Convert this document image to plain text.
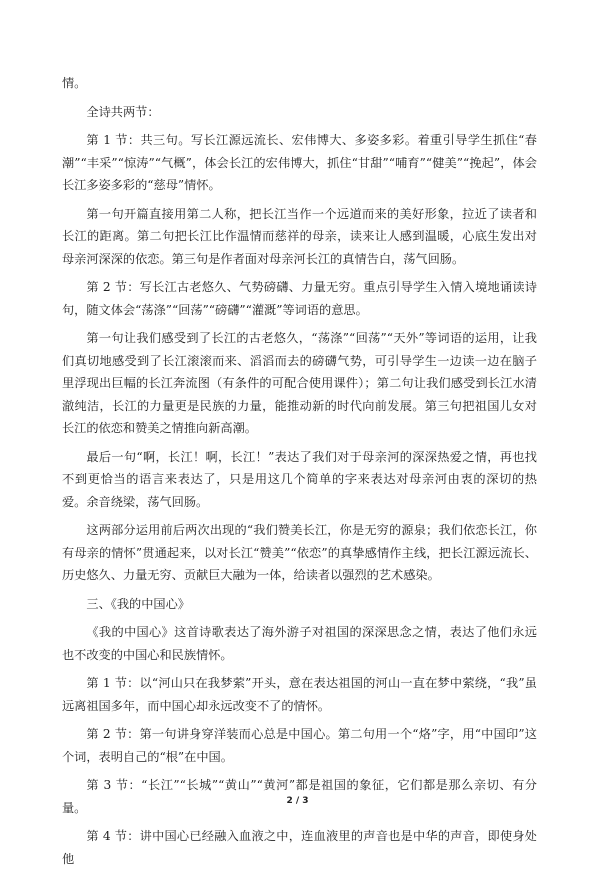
情。

全诗共两节：

第 1 节：共三句。写长江源远流长、宏伟博大、多姿多彩。着重引导学生抓住“春潮”“丰采”“惊涛”“气概”，体会长江的宏伟博大，抓住“甘甜”“哺育”“健美”“挽起”，体会长江多姿多彩的“慈母”情怀。

第一句开篇直接用第二人称，把长江当作一个远道而来的美好形象，拉近了读者和长江的距离。第二句把长江比作温情而慈祥的母亲，读来让人感到温暖，心底生发出对母亲河深深的依恋。第三句是作者面对母亲河长江的真情告白，荡气回肠。

第 2 节：写长江古老悠久、气势磅礴、力量无穷。重点引导学生入情入境地诵读诗句，随文体会“荡涤”“回荡”“磅礴”“灌溉”等词语的意思。

第一句让我们感受到了长江的古老悠久，“荡涤”“回荡”“天外”等词语的运用，让我们真切地感受到了长江滚滚而来、滔滔而去的磅礴气势，可引导学生一边读一边在脑子里浮现出巨幅的长江奔流图（有条件的可配合使用课件）；第二句让我们感受到长江水清澈纯洁，长江的力量更是民族的力量，能推动新的时代向前发展。第三句把祖国儿女对长江的依恋和赞美之情推向新高潮。

最后一句“啊，长江！啊，长江！”表达了我们对于母亲河的深深热爱之情，再也找不到更恰当的语言来表达了，只是用这几个简单的字来表达对母亲河由衷的深切的热爱。余音绕梁，荡气回肠。

这两部分运用前后两次出现的“我们赞美长江，你是无穷的源泉；我们依恋长江，你有母亲的情怀”贯通起来，以对长江“赞美”“依恋”的真挚感情作主线，把长江源远流长、历史悠久、力量无穷、贡献巨大融为一体，给读者以强烈的艺术感染。

三、《我的中国心》

《我的中国心》这首诗歌表达了海外游子对祖国的深深思念之情，表达了他们永远也不改变的中国心和民族情怀。

第 1 节：以“河山只在我梦萦”开头，意在表达祖国的河山一直在梦中萦绕，“我”虽远离祖国多年，而中国心却永远改变不了的情怀。

第 2 节：第一句讲身穿洋装而心总是中国心。第二句用一个“烙”字，用“中国印”这个词，表明自己的“根”在中国。

第 3 节：“长江”“长城”“黄山”“黄河”都是祖国的象征，它们都是那么亲切、有分量。

第 4 节：讲中国心已经融入血液之中，连血液里的声音也是中华的声音，即使身处他

2 / 3
